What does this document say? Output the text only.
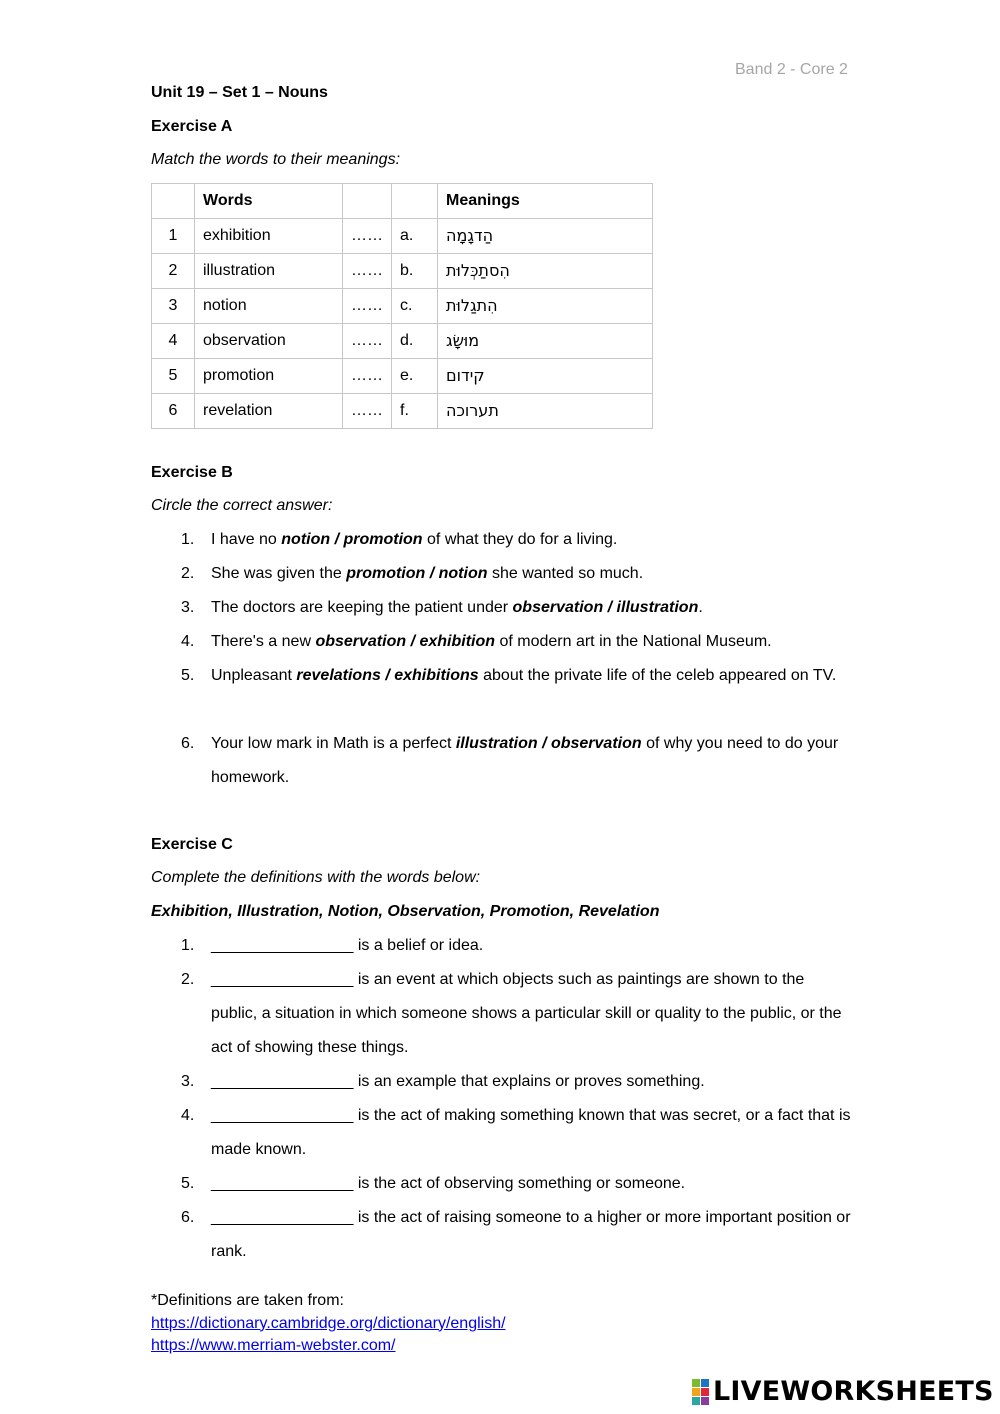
Band 2 - Core 2
Unit 19 – Set 1 – Nouns
Exercise A
Match the words to their meanings:
	Words			Meanings
1	exhibition	……	a.	הַדגָמָה
2	illustration	……	b.	הִסתַכְּלוּת
3	notion	……	c.	הִתגַלוּת
4	observation	……	d.	מוּשָׂג
5	promotion	……	e.	קידום
6	revelation	……	f.	תערוכה
Exercise B
Circle the correct answer:
1. I have no notion / promotion of what they do for a living.
2. She was given the promotion / notion she wanted so much.
3. The doctors are keeping the patient under observation / illustration.
4. There's a new observation / exhibition of modern art in the National Museum.
5. Unpleasant revelations / exhibitions about the private life of the celeb appeared on TV.
6. Your low mark in Math is a perfect illustration / observation of why you need to do your homework.
Exercise C
Complete the definitions with the words below:
Exhibition, Illustration, Notion, Observation, Promotion, Revelation
1. ________________ is a belief or idea.
2. ________________ is an event at which objects such as paintings are shown to the public, a situation in which someone shows a particular skill or quality to the public, or the act of showing these things.
3. ________________ is an example that explains or proves something.
4. ________________ is the act of making something known that was secret, or a fact that is made known.
5. ________________ is the act of observing something or someone.
6. ________________ is the act of raising someone to a higher or more important position or rank.
*Definitions are taken from:
https://dictionary.cambridge.org/dictionary/english/
https://www.merriam-webster.com/
LIVEWORKSHEETS
